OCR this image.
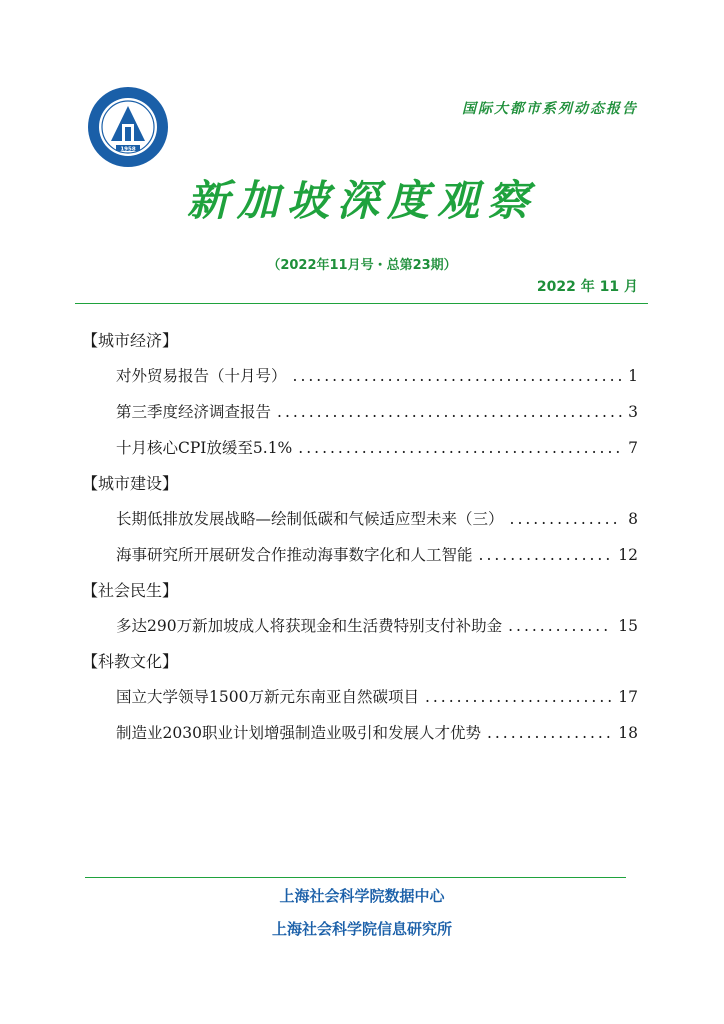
1958
国际大都市系列动态报告
新加坡深度观察
（2022年11月号・总第23期）
2022 年 11 月
【城市经济】
对外贸易报告（十月号） .....	1
第三季度经济调查报告 .....	3
十月核心CPI放缓至5.1% .....	7
【城市建设】
长期低排放发展战略—绘制低碳和气候适应型未来（三） .....	8
海事研究所开展研发合作推动海事数字化和人工智能 .....	12
【社会民生】
多达290万新加坡成人将获现金和生活费特别支付补助金 .....	15
【科教文化】
国立大学领导1500万新元东南亚自然碳项目 .....	17
制造业2030职业计划增强制造业吸引和发展人才优势 .....	18
上海社会科学院数据中心
上海社会科学院信息研究所
